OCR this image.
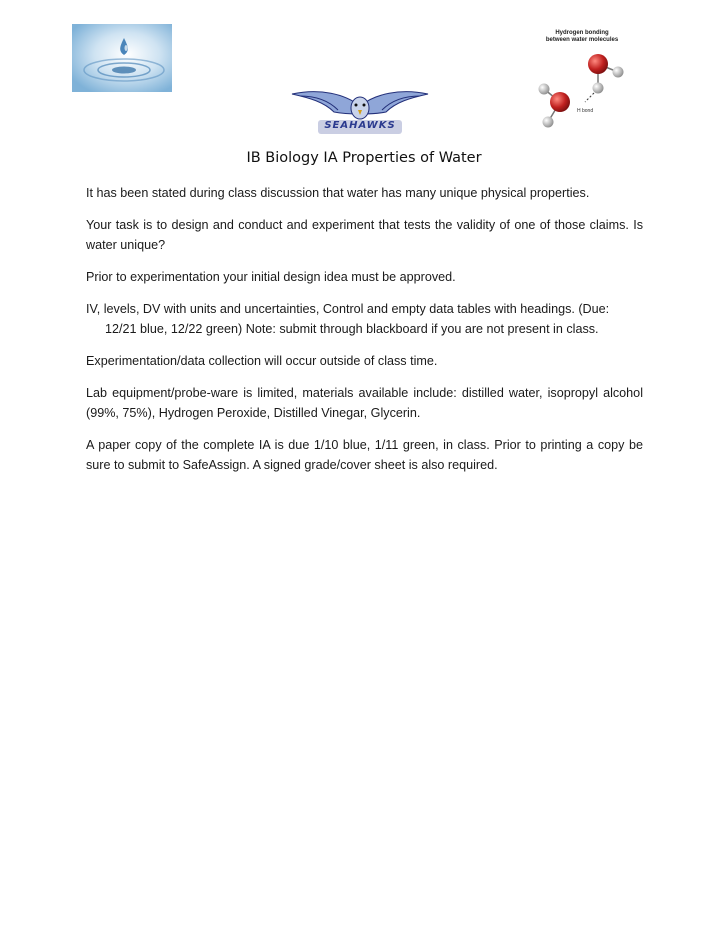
SEAHAWKS
Hydrogen bonding
between water molecules
H bond
IB Biology IA Properties of Water

It has been stated during class discussion that water has many unique physical properties.

Your task is to design and conduct and experiment that tests the validity of one of those claims. Is water unique?

Prior to experimentation your initial design idea must be approved.

IV, levels, DV with units and uncertainties, Control and empty data tables with headings. (Due: 12/21 blue, 12/22 green) Note: submit through blackboard if you are not present in class.

Experimentation/data collection will occur outside of class time.

Lab equipment/probe-ware is limited, materials available include: distilled water, isopropyl alcohol (99%, 75%), Hydrogen Peroxide, Distilled Vinegar, Glycerin.

A paper copy of the complete IA is due 1/10 blue, 1/11 green, in class. Prior to printing a copy be sure to submit to SafeAssign. A signed grade/cover sheet is also required.
